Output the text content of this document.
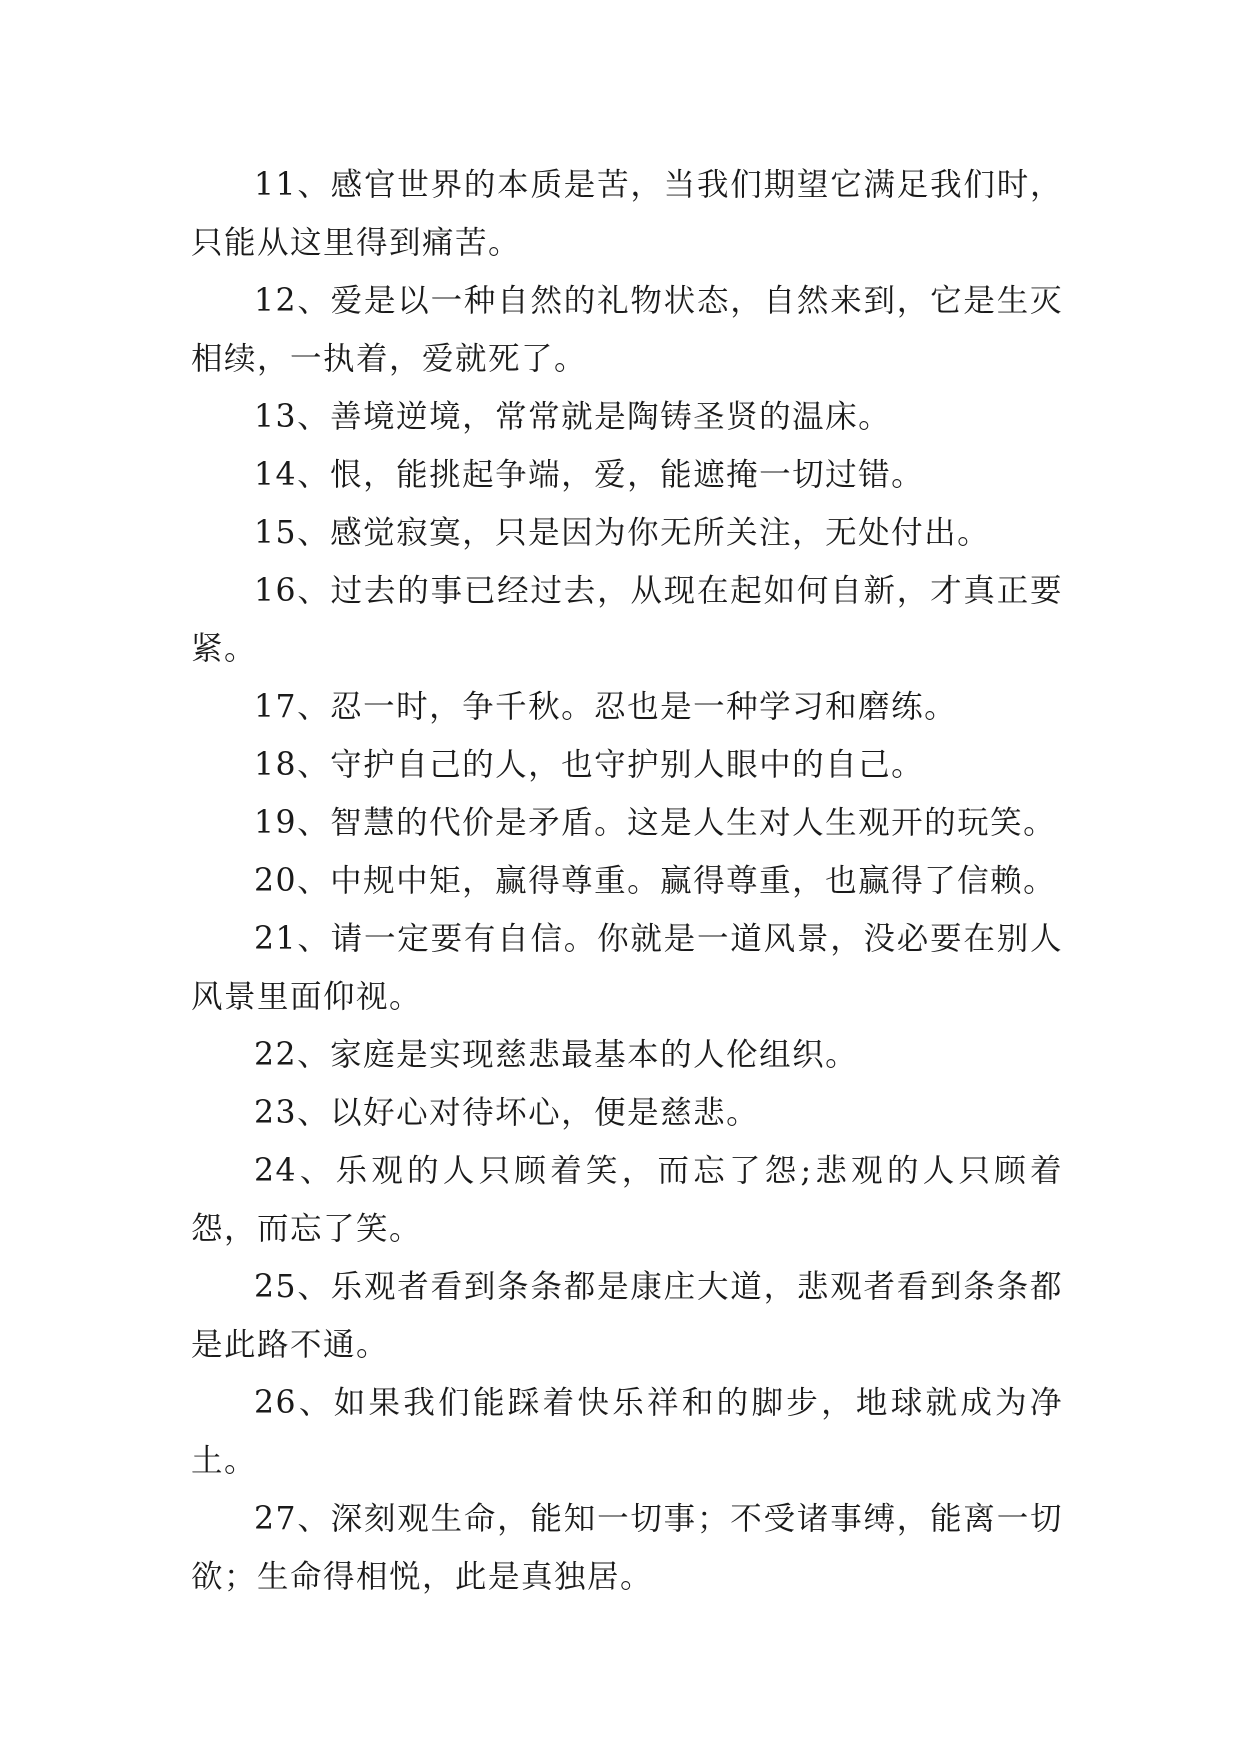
11、感官世界的本质是苦，当我们期望它满足我们时，只能从这里得到痛苦。

12、爱是以一种自然的礼物状态，自然来到，它是生灭相续，一执着，爱就死了。

13、善境逆境，常常就是陶铸圣贤的温床。

14、恨，能挑起争端，爱，能遮掩一切过错。

15、感觉寂寞，只是因为你无所关注，无处付出。

16、过去的事已经过去，从现在起如何自新，才真正要紧。

17、忍一时，争千秋。忍也是一种学习和磨练。

18、守护自己的人，也守护别人眼中的自己。

19、智慧的代价是矛盾。这是人生对人生观开的玩笑。

20、中规中矩，赢得尊重。赢得尊重，也赢得了信赖。

21、请一定要有自信。你就是一道风景，没必要在别人风景里面仰视。

22、家庭是实现慈悲最基本的人伦组织。

23、以好心对待坏心，便是慈悲。

24、乐观的人只顾着笑，而忘了怨;悲观的人只顾着怨，而忘了笑。

25、乐观者看到条条都是康庄大道，悲观者看到条条都是此路不通。

26、如果我们能踩着快乐祥和的脚步，地球就成为净土。

27、深刻观生命，能知一切事；不受诸事缚，能离一切欲；生命得相悦，此是真独居。
